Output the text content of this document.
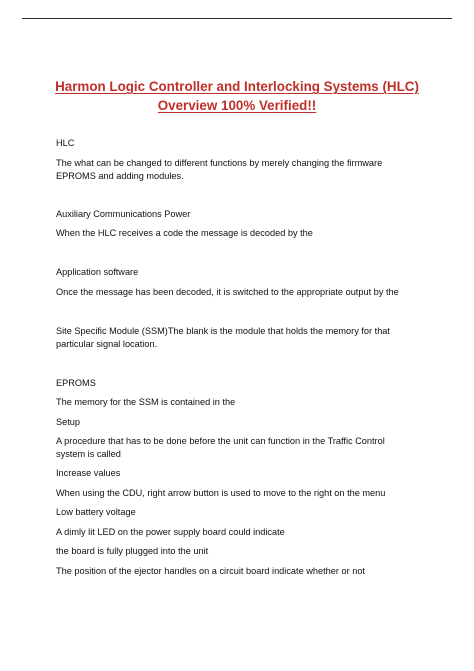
Harmon Logic Controller and Interlocking Systems (HLC)
Overview 100% Verified!!
HLC
The what can be changed to different functions by merely changing the firmware
EPROMS and adding modules.
Auxiliary Communications Power
When the HLC receives a code the message is decoded by the
Application software
Once the message has been decoded, it is switched to the appropriate output by the
Site Specific Module (SSM)The blank is the module that holds the memory for that
particular signal location.
EPROMS
The memory for the SSM is contained in the
Setup
A procedure that has to be done before the unit can function in the Traffic Control
system is called
Increase values
When using the CDU, right arrow button is used to move to the right on the menu
Low battery voltage
A dimly lit LED on the power supply board could indicate
the board is fully plugged into the unit
The position of the ejector handles on a circuit board indicate whether or not
